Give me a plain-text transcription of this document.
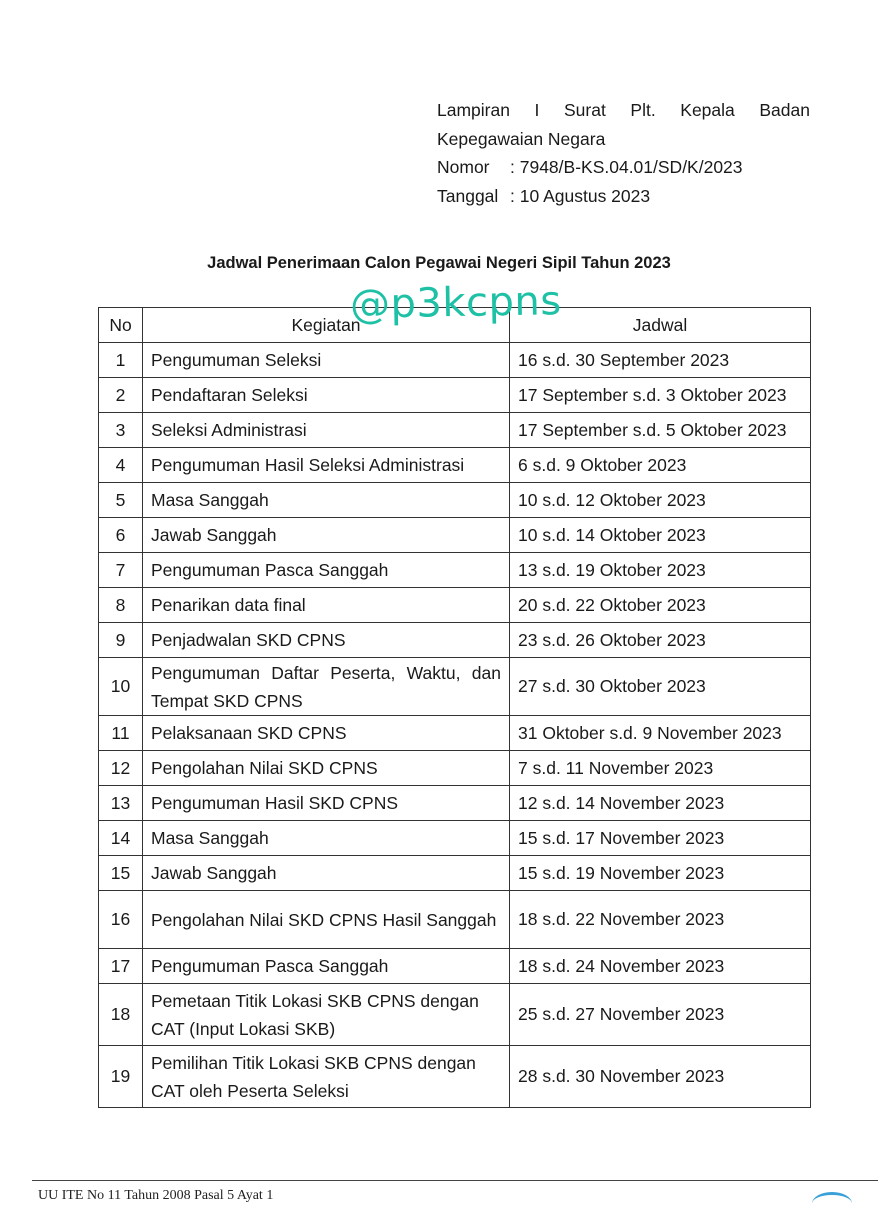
Lampiran I Surat Plt. Kepala Badan
Kepegawaian Negara
Nomor	: 7948/B-KS.04.01/SD/K/2023
Tanggal : 10 Agustus 2023
Jadwal Penerimaan Calon Pegawai Negeri Sipil Tahun 2023
No	Kegiatan	Jadwal
1	Pengumuman Seleksi	16 s.d. 30 September 2023
2	Pendaftaran Seleksi	17 September s.d. 3 Oktober 2023
3	Seleksi Administrasi	17 September s.d. 5 Oktober 2023
4	Pengumuman Hasil Seleksi Administrasi	6 s.d. 9 Oktober 2023
5	Masa Sanggah	10 s.d. 12 Oktober 2023
6	Jawab Sanggah	10 s.d. 14 Oktober 2023
7	Pengumuman Pasca Sanggah	13 s.d. 19 Oktober 2023
8	Penarikan data final	20 s.d. 22 Oktober 2023
9	Penjadwalan SKD CPNS	23 s.d. 26 Oktober 2023
10	Pengumuman Daftar Peserta, Waktu, dan Tempat SKD CPNS	27 s.d. 30 Oktober 2023
11	Pelaksanaan SKD CPNS	31 Oktober s.d. 9 November 2023
12	Pengolahan Nilai SKD CPNS	7 s.d. 11 November 2023
13	Pengumuman Hasil SKD CPNS	12 s.d. 14 November 2023
14	Masa Sanggah	15 s.d. 17 November 2023
15	Jawab Sanggah	15 s.d. 19 November 2023
16	Pengolahan Nilai SKD CPNS Hasil Sanggah	18 s.d. 22 November 2023
17	Pengumuman Pasca Sanggah	18 s.d. 24 November 2023
18	Pemetaan Titik Lokasi SKB CPNS dengan CAT (Input Lokasi SKB)	25 s.d. 27 November 2023
19	Pemilihan Titik Lokasi SKB CPNS dengan CAT oleh Peserta Seleksi	28 s.d. 30 November 2023
@p3kcpns
UU ITE No 11 Tahun 2008 Pasal 5 Ayat 1
